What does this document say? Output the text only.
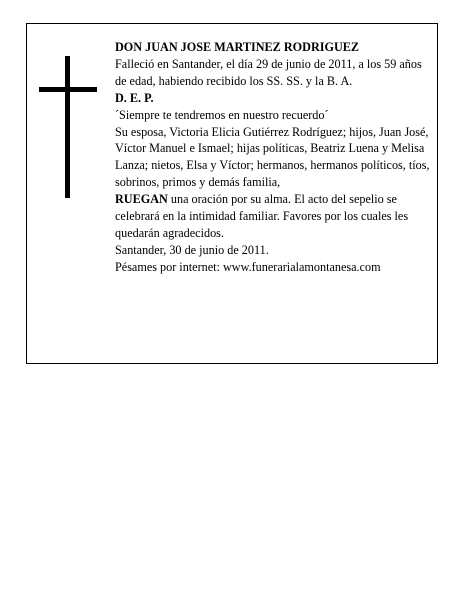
DON JUAN JOSE MARTINEZ RODRIGUEZ

Falleció en Santander, el día 29 de junio de 2011, a los 59 años

de edad, habiendo recibido los SS. SS. y la B. A.

D. E. P.

´Siempre te tendremos en nuestro recuerdo´

Su esposa, Victoria Elicia Gutiérrez Rodríguez; hijos, Juan José, Víctor Manuel e Ismael; hijas políticas, Beatriz Luena y Melisa Lanza; nietos, Elsa y Víctor; hermanos, hermanos políticos, tíos, sobrinos, primos y demás familia,

RUEGAN una oración por su alma. El acto del sepelio se celebrará en la intimidad familiar. Favores por los cuales les quedarán agradecidos.

Santander, 30 de junio de 2011.

Pésames por internet: www.funerarialamontanesa.com
